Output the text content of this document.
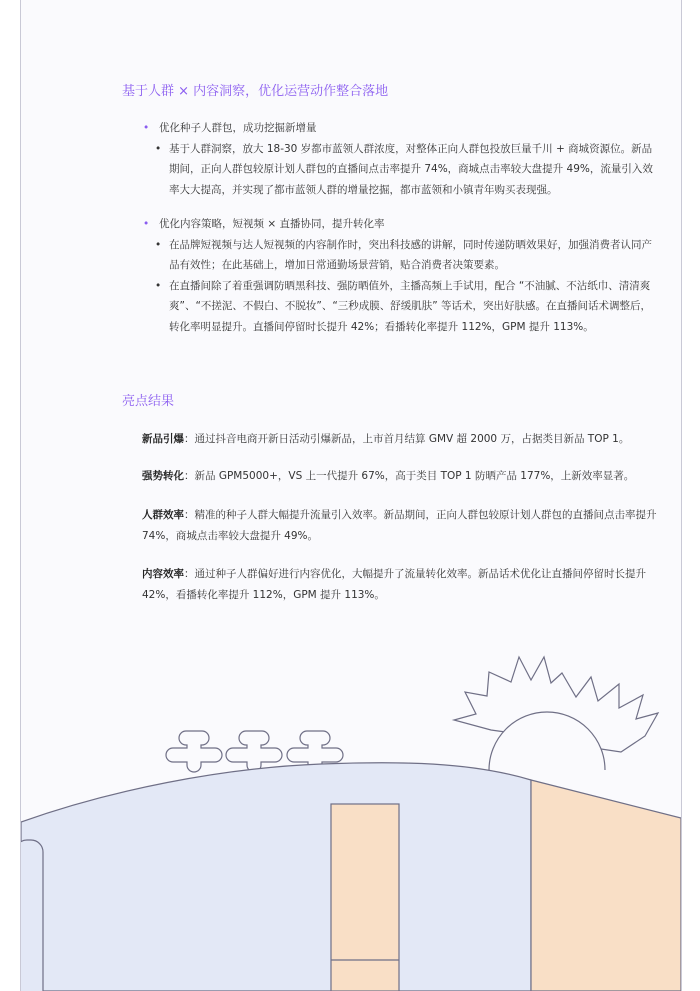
基于人群 × 内容洞察，优化运营动作整合落地
• 优化种子人群包，成功挖掘新增量
• 基于人群洞察，放大 18-30 岁都市蓝领人群浓度，对整体正向人群包投放巨量千川 + 商城资源位。新品期间，正向人群包较原计划人群包的直播间点击率提升 74%，商城点击率较大盘提升 49%，流量引入效率大大提高，并实现了都市蓝领人群的增量挖掘，都市蓝领和小镇青年购买表现强。
• 优化内容策略，短视频 × 直播协同，提升转化率
• 在品牌短视频与达人短视频的内容制作时，突出科技感的讲解，同时传递防晒效果好，加强消费者认同产品有效性；在此基础上，增加日常通勤场景营销，贴合消费者决策要素。
• 在直播间除了着重强调防晒黑科技、强防晒值外，主播高频上手试用，配合 “不油腻、不沾纸巾、清清爽爽”、“不搓泥、不假白、不脱妆”、“三秒成膜、舒缓肌肤” 等话术，突出好肤感。在直播间话术调整后，转化率明显提升。直播间停留时长提升 42%；看播转化率提升 112%，GPM 提升 113%。
亮点结果
新品引爆：通过抖音电商开新日活动引爆新品，上市首月结算 GMV 超 2000 万，占据类目新品 TOP 1。
强势转化：新品 GPM5000+，VS 上一代提升 67%，高于类目 TOP 1 防晒产品 177%，上新效率显著。
人群效率：精准的种子人群大幅提升流量引入效率。新品期间，正向人群包较原计划人群包的直播间点击率提升 74%，商城点击率较大盘提升 49%。
内容效率：通过种子人群偏好进行内容优化，大幅提升了流量转化效率。新品话术优化让直播间停留时长提升 42%，看播转化率提升 112%，GPM 提升 113%。
